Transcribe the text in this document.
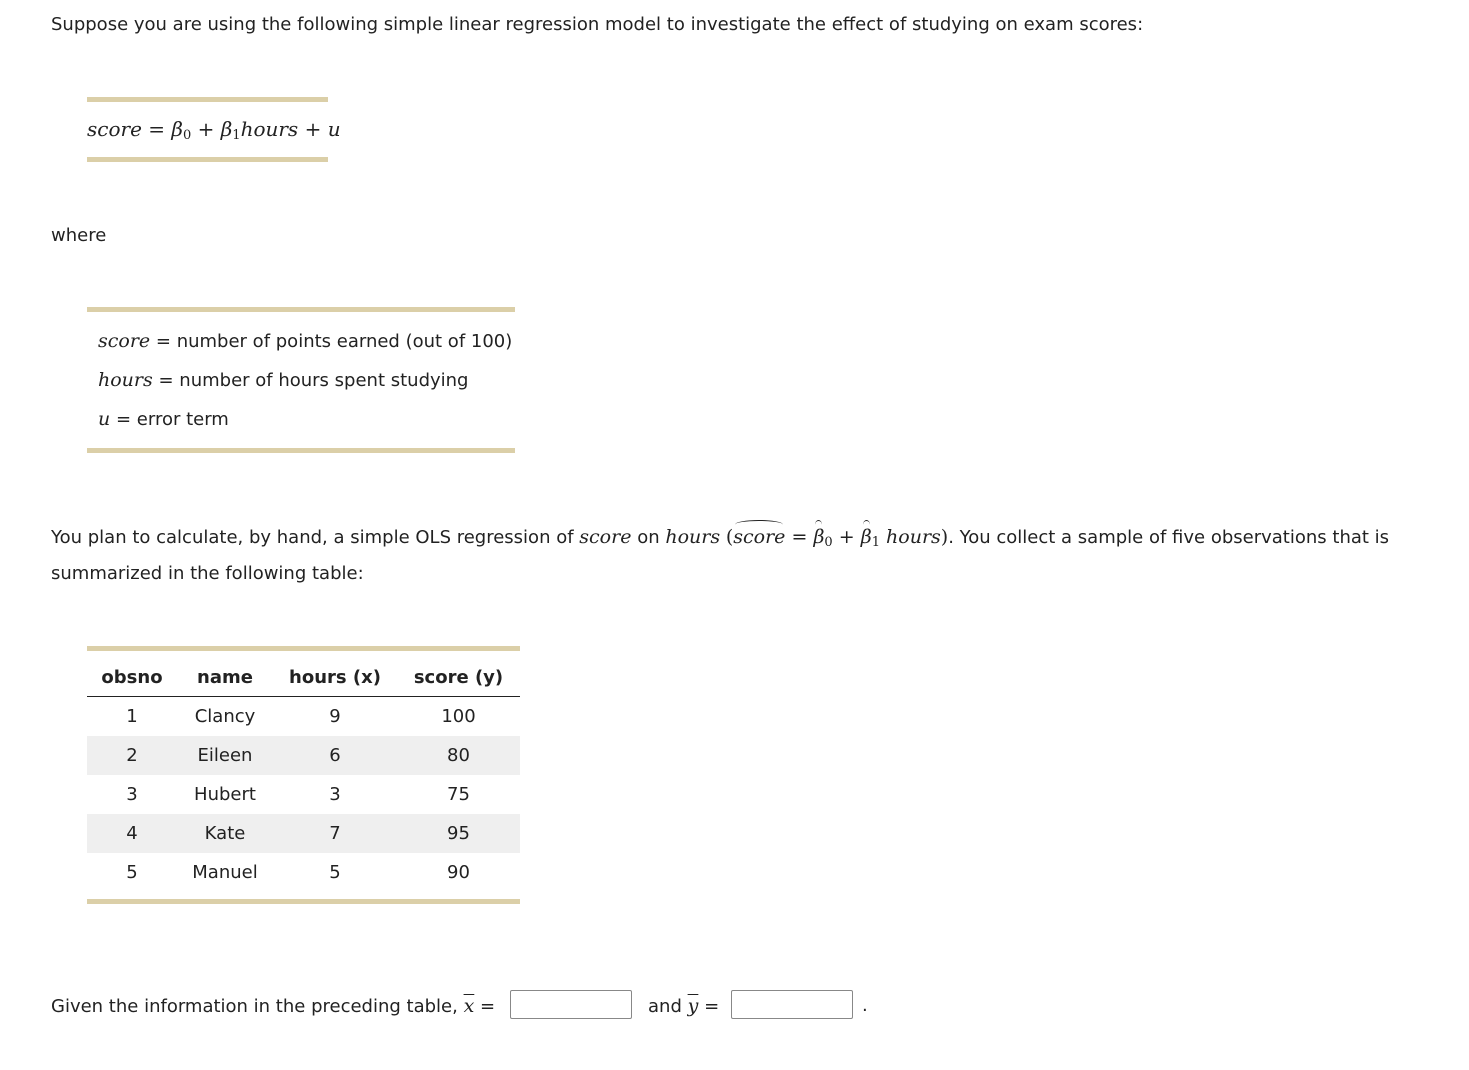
Suppose you are using the following simple linear regression model to investigate the effect of studying on exam scores:
score = $\beta_0$ + $\beta_1hours + u$
where
score = number of points earned (out of 100)
hours = number of hours spent studying
u = error term
You plan to calculate, by hand, a simple OLS regression of score on hours (score = $\beta_0 + \beta_1$ hours). You collect a sample of five observations that is
summarized in the following table:
obsno	name	hours (x)	score (y)
1	Clancy	9	100
2	Eileen	6	80
3	Hubert	3	75
4	Kate	7	95
5	Manuel	5	90
Given the information in the preceding table, $\overline{x}$ =	and $\overline{y}$ =	.
